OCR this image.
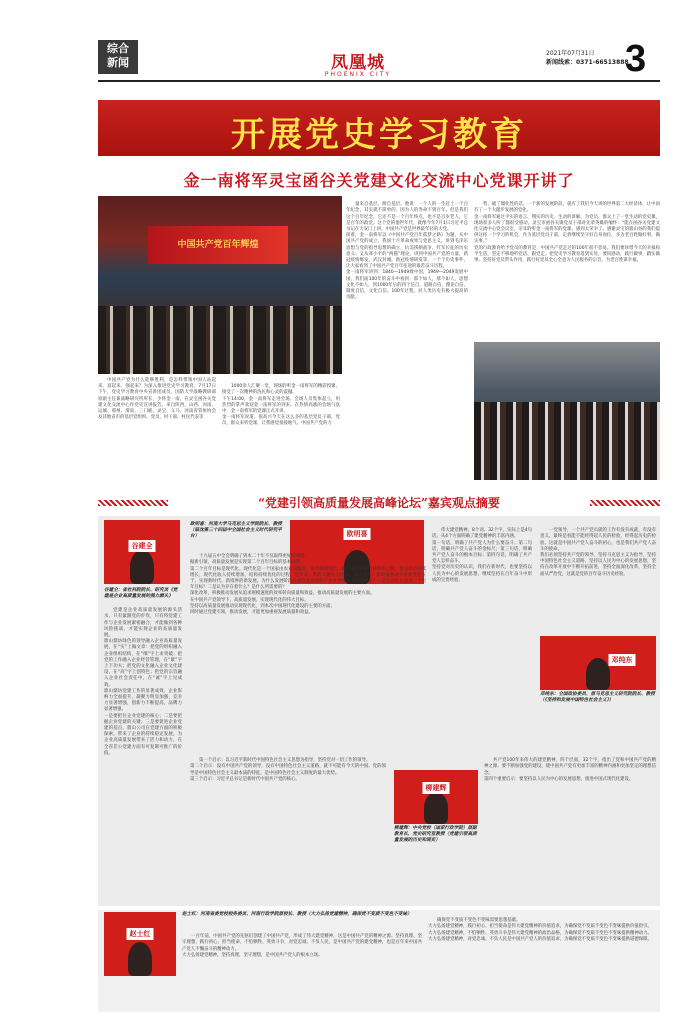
综合
新闻	凤凰城
PHOENIX CITY
2021年07月31日
新闻线索：0371-66513888
3
开展党史学习教育
金一南将军灵宝函谷关党建文化交流中心党课开讲了
中国共产党百年辉煌

中国共产党为什么能够胜利，是怎样带领中国人站起来、富起来、强起来？为深入推进党史学习教育，7月17日下午，党史学习教育中央宣讲团成员、国防大学战略教研部原副主任兼战略研究所所长，少将金一南，在灵宝函谷关党建文化交流中心作党史宣讲报告。来自陕西、山西、河南、运城、邢州、渭南、三门峡、灵宝、义马，河南省管协协会及其他省市的基层党组织、党员、村干部、村民代表等

1000余人汇聚一堂，现场聆听金一南将军的精彩授课，接受了一次精神的洗礼和心灵的震撼。
下午14:00，金一南将军走进会场。会场人员集体起立，用热烈的掌声欢迎金一南将军的到来。在热情高涨的会场气氛中，金一南将军的党课正式开讲。
金一南将军说道，很高兴今天在这么多的基层党员干部、党员、群众来听党课，让我感觉很接地气。中国共产党的力

量来自基层，源自基层。他说：一个人的一生赶上一个百年纪念，其实就不简单的，因为人的寿命不到百年。但是我们这个百年纪念，它还不是一个百年终点，也不是百岁老人，它是百年的政党。这个党的他世年代，就像今年7月1日习近平总书记在天安门上讲，中国共产党是世界最年轻的大党。
接着，金一南将军以《中国共产党百年孤梦之路》为题，从中国共产党的成立，我国十月革命成果与党思主义，讲到毛泽东思想与党的指导思想的确立，抗美援朝战争、红军长征的历史意义；又从邓小平的“两猫”理论，讲到中国共产党的力量，新冠疫情爆发、武汉封城，新冠疫情研发等，一个个历史事件，让大家看到了中国共产党百年征途的艰苦奋斗历程。
金一南将军讲到：1840—1949救中国，1949—2049发展中国，我们面100年的奋斗中看到：那个如人，那个如人，思想文化不如人，到1000年后的四个信自，道路自信，理论自信，制度自信，文化自信。100年过程，对人类历史有极大提高的贡献。

势，破了僵化性的话，一个新的发展阶段，就有了我们今天讲的世界第二大经济体，让中国有了一个大踏步发展的党化。
金一南将军通过平实的语言、翔实的历史，生动的讲解，为党员、群众上了一堂生动的党史课。现场很多人听了都很受感动。灵宝市函谷关镇党员干部对先辈英雄的缅怀：“能在函谷关党建文化交流中心党会议室，亲耳聆听金一南将军的党课，感到太荣幸了。感谢灵宝的鼎山谷的我们提供这样一个学习的机会，作为基层党员干部，定将继续坚守好自身岗位，多为老百姓做好事，做实事。”
党的行政教育给予党员的教育是：中国共产党走过的100年很不容易。我们要珍惜今天的幸福和平生活，坚定不移地听党话、跟党走。把党史学习教育落到实处，要同感动，践行做事，踏实做事。坚持好党员带头作用，践行好党员全心全意为人民服务的宗旨，为老百姓谋幸福。

“党建引领高质量发展高峰论坛”嘉宾观点摘要
谷建全
谷建全：省社科院院长、研究员《党建是企业高质量发展的强力源头》

党建是企业高质量发展的源头活水，只有紧跟党的步伐，只有将党建工作与企业发展紧密融合，才能做到各种风险挑战，才能实现企业的高质量发展。
鼎山鼎坊绿色的领导融入企业高质量发展，在“实”上做文章：把党的组织融入企业组织结构，在“细”字上求突破；把党的工作融入企业经营管理，在“紧”字上下功夫；把党的文化融入企业文化建设，在“高”字上创特色；把党的宗旨融入企业社会责任中，在“诚”字上见成效。
鼎山鼎坊党建工作的显著成效，企业影响力全面提升，凝聚力明显加强，竞争力显著增强，创新力不断提高，品牌力显著增强。
一是要把住企业党建的核心；二是要把握企业党建的关键；三是要促进企业党建的基点，鼎山公司在党建方面的积极探索，带来了企业的持续稳定发展，为企业高质量发展带来了活力和动力，在全省非公党建方面有可复制可推广的价值。

欧明喜
欧明喜：河南大学马克思主义学院院长、教授（临沈第三十四届中全国社会主义时代研究平台）

十九届五中全会明确了到本二十年不仅取得更好的成绩。
据新引领，高质量发展是实现第二个百年目标的基本路径。
第二个百年目标是现代化。现代化是一个国家由农业向城市、由传统到现代、由不发达到发达转换的过程，也是经济持续增长，现代化收入持续增加、结构持续优化的过程。近年来，新的大题在为什么、如何发展？深圳发展动力来源变化在于，实现新时代、新境界的新发展。为什么发展阶段会面临发展新的产业有更好新的质量要求？一是认识什么是第三个百年目标？二是认为存在着什么？是什么所需要的？
深化改革，积极推动发展从追求规模速度的效率转向质量和效益，推动高质量发展的主要方面。
在中国共产党领导下，高质量发展，实现现代化的伟大目标。
坚持以高质量发展推动实现现代化，到本次中国现代化建设的主要的方面。
同时通过党建引领，推动发展，才能更加重视发展质量和效益。

伟大建党精神，8个词、32个字，实际上是4句话。从4个方面明确了建党精神的丰富内涵。
第一句话，明确了共产党人为什么要奋斗；第二句话，明确共产党人奋斗的金标尺；第三句话，明确共产党人奋斗的根本目标；第四句话，明确了共产党人怎样奋斗。
坚持党对历史的认识，我们在新时代，也要坚持以人民为中心的发展思想，继续坚持在百年奋斗中形成的宝贵经验。

一党领导，一个共产党员就的工作有没有成就，有没有意义，最终是看能不能经得起人民的检验，经得起历史的检验。这就是中国共产党人奋斗的初心，也是我们共产党人奋斗的使命。
我们必须坚持共产党的领导，坚持马克思主义为指导，坚持中国特色社会主义道路，坚持以人民为中心的发展思想，坚持在改革开放中不断开拓前进，坚持全面深化改革，坚持全面从严治党，这就是党的百年奋斗历史经验。

邓纯东
邓纯东：全国政协委员、原马克思主义研究院院长、教授（《坚持和发展中国特色社会主义》）

第一个启示：以习近平新时代中国特色社会主义思想为指导，坚持党对一切工作的领导。
第二个启示：没有中国共产党的领导，没有中国特色社会主义道路，就不可能有今天的中国。党的领导是中国特色社会主义最本质的特征，是中国特色社会主义制度的最大优势。
第三个启示：习近平总书记是新时代中国共产党的核心。

柳建辉
柳建辉：中央党校（国家行政学院）原副教育长、党史研究室教授（党建引领高质量发展的历史和现实）

共产党100年来伟大的建党精神，四个层面，32个字，指出了党和中国共产党的精神之源。要不断加强党的建设，使中国共产党有更加丰富的精神内涵和更加坚定的理想信念。
第四个重要启示：要坚持以人民为中心的发展思想，推进中国式现代化建设。

赵士红
赵士红：河南省委党校校务委员、河南行政学院原校长、教授（大力弘扬党建精神，确保党不变质不变色不变味）

一百年前，中国共产党的先驱们创建了中国共产党，形成了伟大建党精神，这是中国共产党的精神之源。坚持真理、坚守理想，践行初心、担当使命，不怕牺牲、英勇斗争，对党忠诚、不负人民，是中国共产党的建党精神，也是百年来中国共产党人不懈奋斗的精神动力。
大力弘扬建党精神，坚持真理，坚守理想，是中国共产党人的根本立场。

确保党不变质不变色不变味需要思想基础。
大力弘扬建党精神，践行初心、担当使命是伟大建党精神的价值追求，为确保党不变质不变色不变味提供价值指引。
大力弘扬建党精神，不怕牺牲、英勇斗争是伟大建党精神的政治品格，为确保党不变质不变色不变味提供精神动力。
大力弘扬建党精神，对党忠诚、不负人民是中国共产党人的价值追求，为确保党不变质不变色不变味提供道德保障。
